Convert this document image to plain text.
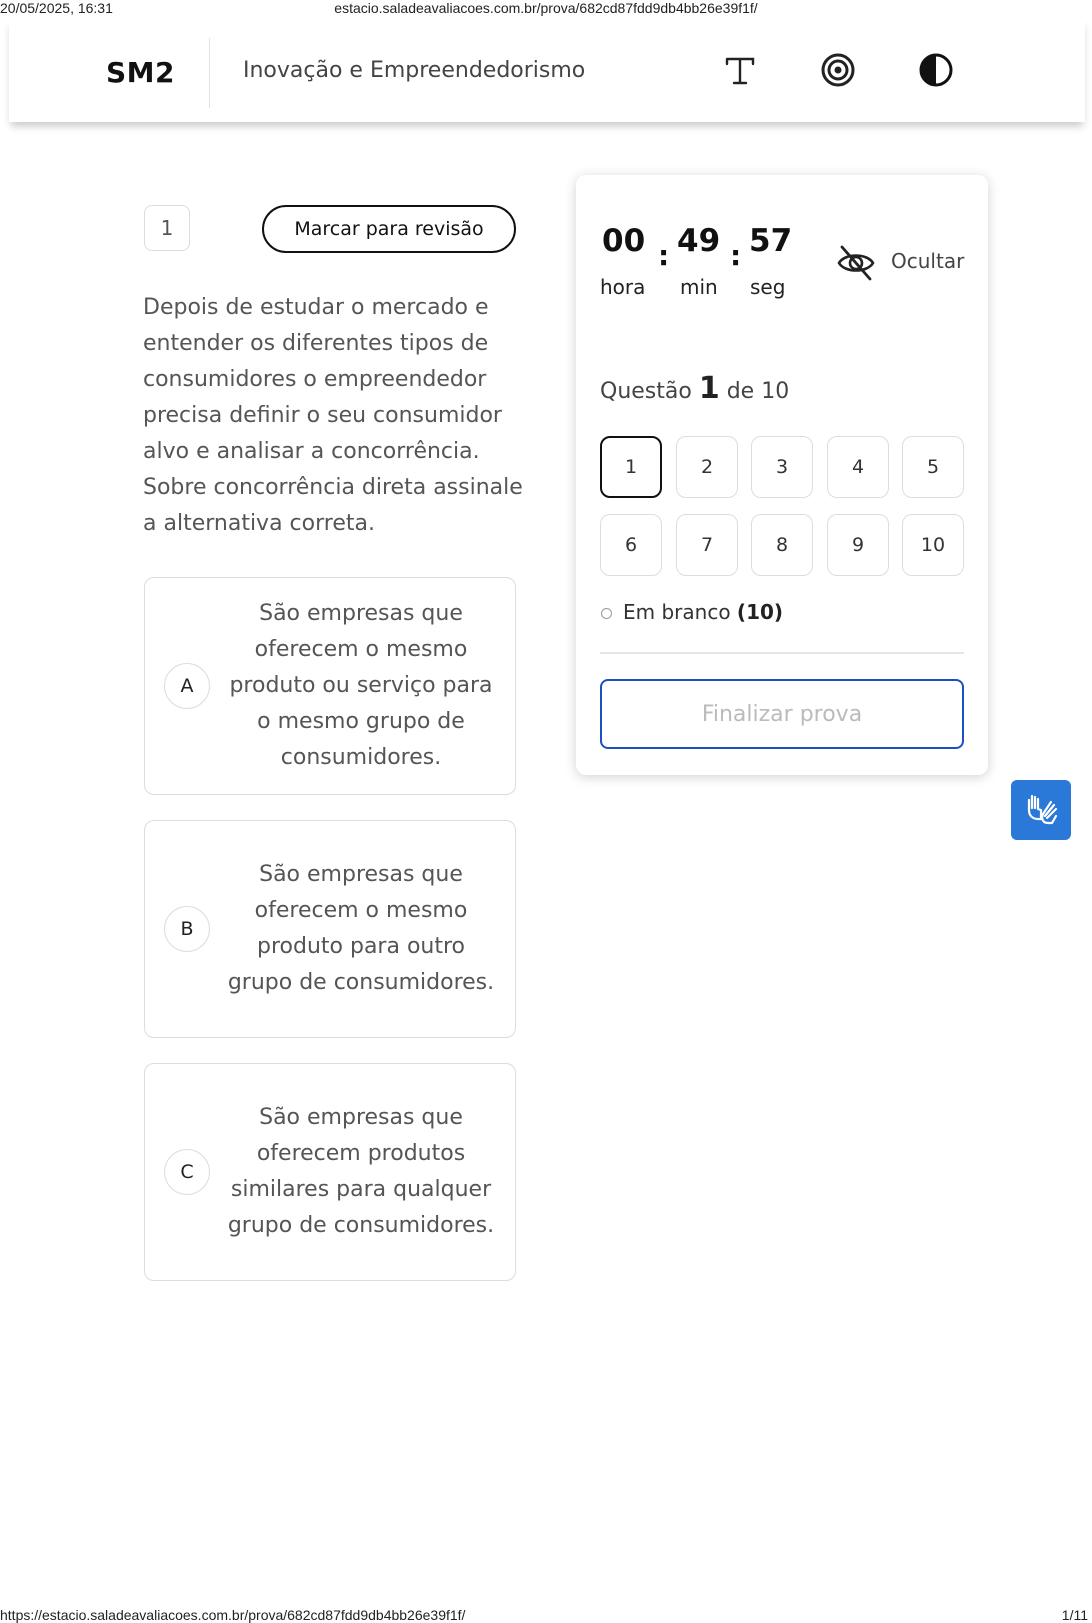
20/05/2025, 16:31	estacio.saladeavaliacoes.com.br/prova/682cd87fdd9db4bb26e39f1f/
SM2	Inovação e Empreendedorismo
1	Marcar para revisão
Depois de estudar o mercado e entender os diferentes tipos de consumidores o empreendedor precisa definir o seu consumidor alvo e analisar a concorrência. Sobre concorrência direta assinale a alternativa correta.
A
São empresas que oferecem o mesmo produto ou serviço para o mesmo grupo de consumidores.
B
São empresas que oferecem o mesmo produto para outro grupo de consumidores.
C
São empresas que oferecem produtos similares para qualquer grupo de consumidores.
00 : 49 : 57
hora min seg
Ocultar
Questão 1 de 10
1	2	3	4	5
6	7	8	9	10
Em branco (10)
Finalizar prova
https://estacio.saladeavaliacoes.com.br/prova/682cd87fdd9db4bb26e39f1f/	1/11
